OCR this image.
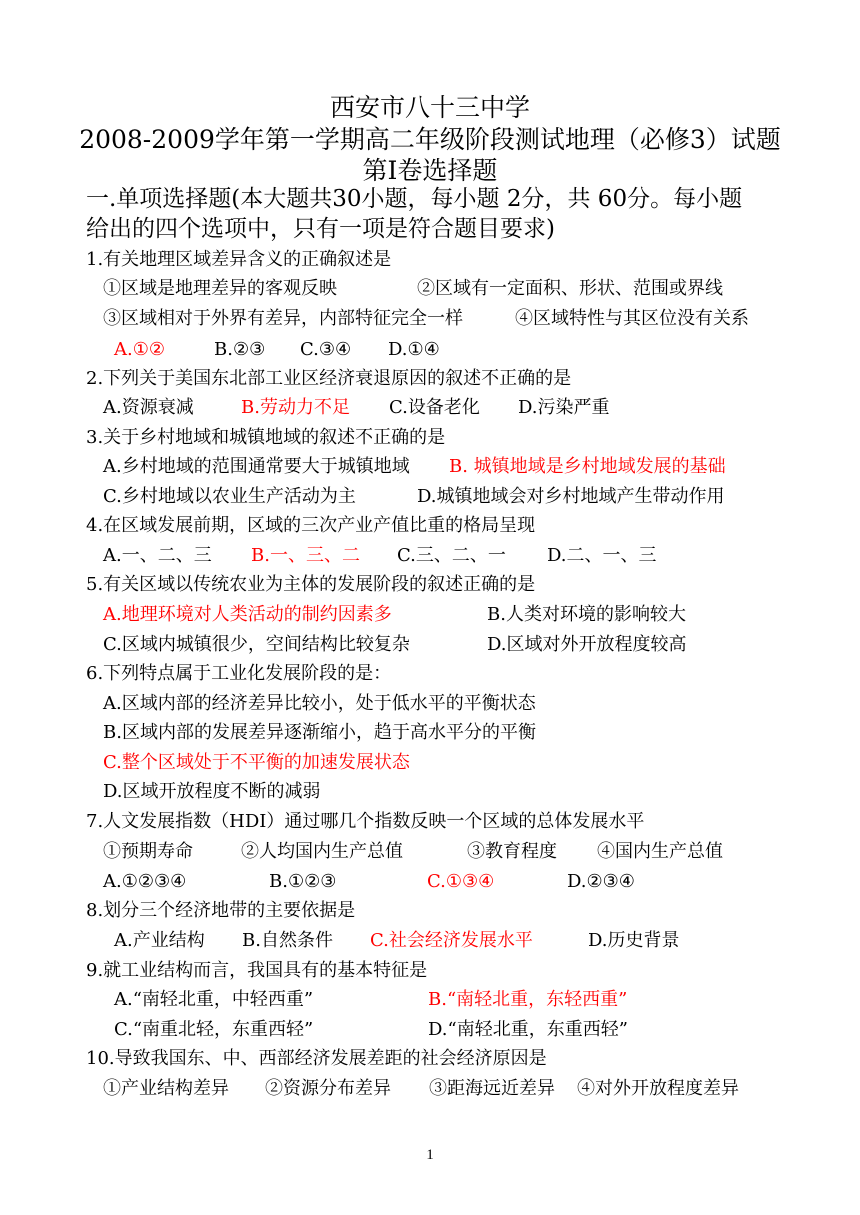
西安市八十三中学
2008-2009学年第一学期高二年级阶段测试地理（必修3）试题
第Ⅰ卷选择题
一.单项选择题(本大题共30小题，每小题 2分，共 60分。每小题
给出的四个选项中，只有一项是符合题目要求)
1.有关地理区域差异含义的正确叙述是
①区域是地理差异的客观反映	②区域有一定面积、形状、范围或界线
③区域相对于外界有差异，内部特征完全一样	④区域特性与其区位没有关系
A.①②	B.②③ C.③④ D.①④
2.下列关于美国东北部工业区经济衰退原因的叙述不正确的是
A.资源衰减	B.劳动力不足 C.设备老化 D.污染严重
3.关于乡村地域和城镇地域的叙述不正确的是
A.乡村地域的范围通常要大于城镇地域 B. 城镇地域是乡村地域发展的基础
C.乡村地域以农业生产活动为主	D.城镇地域会对乡村地域产生带动作用
4.在区域发展前期，区域的三次产业产值比重的格局呈现
A.一、二、三 B.一、三、二 C.三、二、一 D.二、一、三
5.有关区域以传统农业为主体的发展阶段的叙述正确的是
A.地理环境对人类活动的制约因素多	B.人类对环境的影响较大
C.区域内城镇很少，空间结构比较复杂	D.区域对外开放程度较高
6.下列特点属于工业化发展阶段的是：
A.区域内部的经济差异比较小，处于低水平的平衡状态
B.区域内部的发展差异逐渐缩小，趋于高水平分的平衡
C.整个区域处于不平衡的加速发展状态
D.区域开放程度不断的减弱
7.人文发展指数（HDI）通过哪几个指数反映一个区域的总体发展水平
①预期寿命	②人均国内生产总值	③教育程度 ④国内生产总值
A.①②③④	B.①②③	C.①③④	D.②③④
8.划分三个经济地带的主要依据是
A.产业结构 B.自然条件 C.社会经济发展水平	D.历史背景
9.就工业结构而言，我国具有的基本特征是
A.“南轻北重，中轻西重”	B.“南轻北重，东轻西重”
C.“南重北轻，东重西轻”	D.“南轻北重，东重西轻”
10.导致我国东、中、西部经济发展差距的社会经济原因是
①产业结构差异 ②资源分布差异 ③距海远近差异 ④对外开放程度差异
1
